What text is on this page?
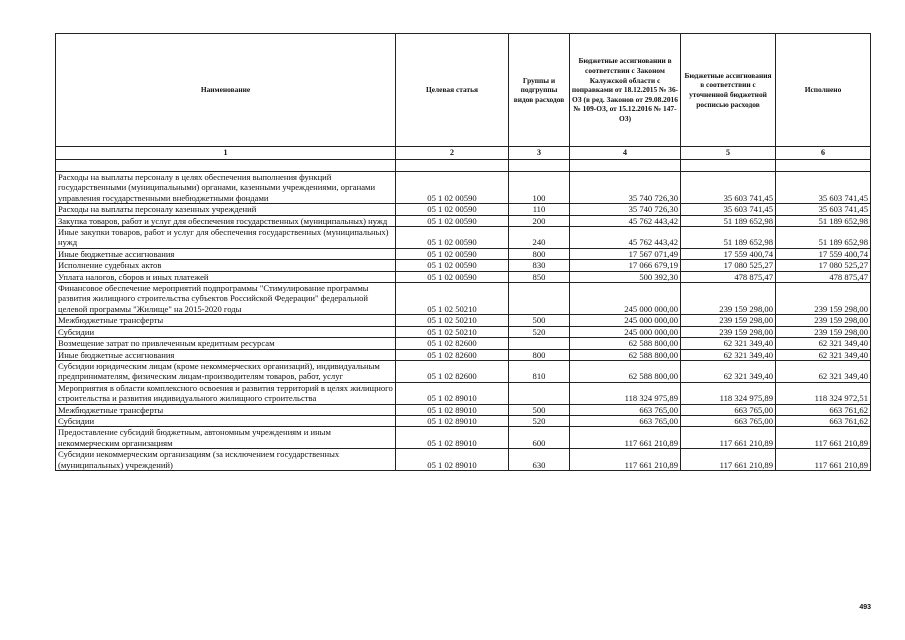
Наименование	Целевая статья	Группы и подгруппы видов расходов	Бюджетные ассигновании в соответствии с Законом Калужской области с поправками от 18.12.2015 № 36-ОЗ (в ред. Законов от 29.08.2016 № 109-ОЗ, от 15.12.2016 № 147-ОЗ)	Бюджетные ассигнования в соответствии с уточненной бюджетной росписью расходов	Исполнено
1	2	3	4	5	6

Расходы на выплаты персоналу в целях обеспечения выполнения функций государственными (муниципальными) органами, казенными учреждениями, органами управления государственными внебюджетными фондами	05 1 02 00590	100	35 740 726,30	35 603 741,45	35 603 741,45
Расходы на выплаты персоналу казенных учреждений	05 1 02 00590	110	35 740 726,30	35 603 741,45	35 603 741,45
Закупка товаров, работ и услуг для обеспечения государственных (муниципальных) нужд	05 1 02 00590	200	45 762 443,42	51 189 652,98	51 189 652,98
Иные закупки товаров, работ и услуг для обеспечения государственных (муниципальных) нужд	05 1 02 00590	240	45 762 443,42	51 189 652,98	51 189 652,98
Иные бюджетные ассигнования	05 1 02 00590	800	17 567 071,49	17 559 400,74	17 559 400,74
Исполнение судебных актов	05 1 02 00590	830	17 066 679,19	17 080 525,27	17 080 525,27
Уплата налогов, сборов и иных платежей	05 1 02 00590	850	500 392,30	478 875,47	478 875,47
Финансовое обеспечение мероприятий подпрограммы "Стимулирование программы развития жилищного строительства субъектов Российской Федерации" федеральной целевой программы "Жилище" на 2015-2020 годы	05 1 02 50210		245 000 000,00	239 159 298,00	239 159 298,00
Межбюджетные трансферты	05 1 02 50210	500	245 000 000,00	239 159 298,00	239 159 298,00
Субсидии	05 1 02 50210	520	245 000 000,00	239 159 298,00	239 159 298,00
Возмещение затрат по привлеченным кредитным ресурсам	05 1 02 82600		62 588 800,00	62 321 349,40	62 321 349,40
Иные бюджетные ассигнования	05 1 02 82600	800	62 588 800,00	62 321 349,40	62 321 349,40
Субсидии юридическим лицам (кроме некоммерческих организаций), индивидуальным предпринимателям, физическим лицам-производителям товаров, работ, услуг	05 1 02 82600	810	62 588 800,00	62 321 349,40	62 321 349,40
Мероприятия в области комплексного освоения и развития территорий в целях жилищного строительства и развития индивидуального жилищного строительства	05 1 02 89010		118 324 975,89	118 324 975,89	118 324 972,51
Межбюджетные трансферты	05 1 02 89010	500	663 765,00	663 765,00	663 761,62
Субсидии	05 1 02 89010	520	663 765,00	663 765,00	663 761,62
Предоставление субсидий бюджетным, автономным учреждениям и иным некоммерческим организациям	05 1 02 89010	600	117 661 210,89	117 661 210,89	117 661 210,89
Субсидии некоммерческим организациям (за исключением государственных (муниципальных) учреждений)	05 1 02 89010	630	117 661 210,89	117 661 210,89	117 661 210,89
493
